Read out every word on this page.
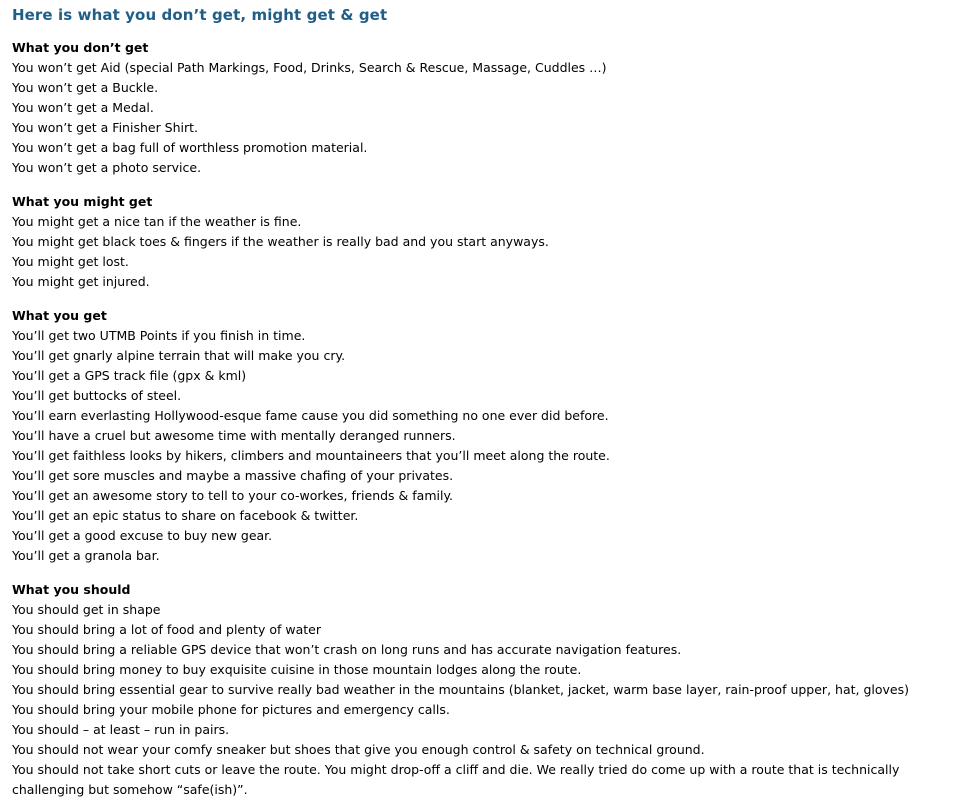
Here is what you don’t get, might get & get
What you don’t get
You won’t get Aid (special Path Markings, Food, Drinks, Search & Rescue, Massage, Cuddles …)
You won’t get a Buckle.
You won’t get a Medal.
You won’t get a Finisher Shirt.
You won’t get a bag full of worthless promotion material.
You won’t get a photo service.
What you might get
You might get a nice tan if the weather is fine.
You might get black toes & fingers if the weather is really bad and you start anyways.
You might get lost.
You might get injured.
What you get
You’ll get two UTMB Points if you finish in time.
You’ll get gnarly alpine terrain that will make you cry.
You’ll get a GPS track file (gpx & kml)
You’ll get buttocks of steel.
You’ll earn everlasting Hollywood-esque fame cause you did something no one ever did before.
You’ll have a cruel but awesome time with mentally deranged runners.
You’ll get faithless looks by hikers, climbers and mountaineers that you’ll meet along the route.
You’ll get sore muscles and maybe a massive chafing of your privates.
You’ll get an awesome story to tell to your co-workes, friends & family.
You’ll get an epic status to share on facebook & twitter.
You’ll get a good excuse to buy new gear.
You’ll get a granola bar.
What you should
You should get in shape
You should bring a lot of food and plenty of water
You should bring a reliable GPS device that won’t crash on long runs and has accurate navigation features.
You should bring money to buy exquisite cuisine in those mountain lodges along the route.
You should bring essential gear to survive really bad weather in the mountains (blanket, jacket, warm base layer, rain-proof upper, hat, gloves)
You should bring your mobile phone for pictures and emergency calls.
You should – at least – run in pairs.
You should not wear your comfy sneaker but shoes that give you enough control & safety on technical ground.
You should not take short cuts or leave the route. You might drop-off a cliff and die. We really tried do come up with a route that is technically challenging but somehow “safe(ish)”.
